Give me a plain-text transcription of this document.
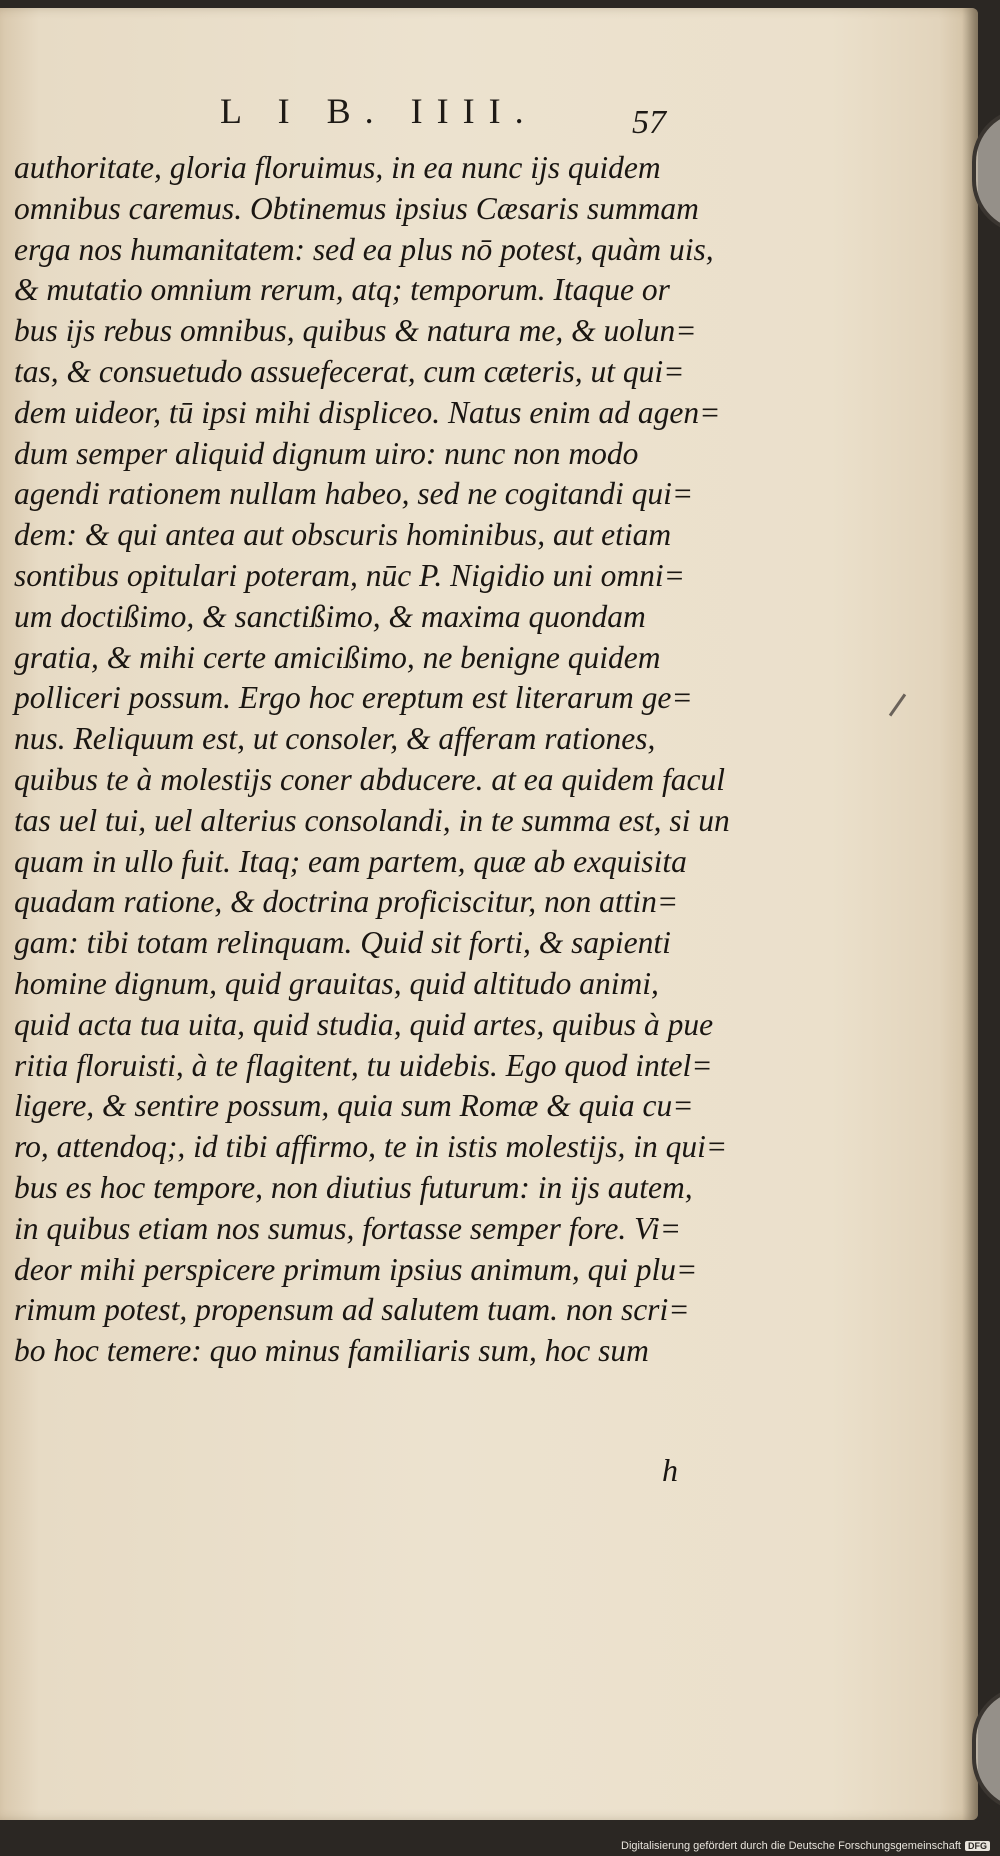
L I B. IIII.	57
authoritate, gloria floruimus, in ea nunc ijs quidem
omnibus caremus. Obtinemus ipsius Cæsaris summam
erga nos humanitatem: sed ea plus nō potest, quàm uis,
& mutatio omnium rerum, atq; temporum. Itaque or
bus ijs rebus omnibus, quibus & natura me, & uolun=
tas, & consuetudo assuefecerat, cum cæteris, ut qui=
dem uideor, tū ipsi mihi displiceo. Natus enim ad agen=
dum semper aliquid dignum uiro: nunc non modo
agendi rationem nullam habeo, sed ne cogitandi qui=
dem: & qui antea aut obscuris hominibus, aut etiam
sontibus opitulari poteram, nūc P. Nigidio uni omni=
um doctißimo, & sanctißimo, & maxima quondam
gratia, & mihi certe amicißimo, ne benigne quidem
polliceri possum. Ergo hoc ereptum est literarum ge=
nus. Reliquum est, ut consoler, & afferam rationes,
quibus te à molestijs coner abducere. at ea quidem facul
tas uel tui, uel alterius consolandi, in te summa est, si un
quam in ullo fuit. Itaq; eam partem, quæ ab exquisita
quadam ratione, & doctrina proficiscitur, non attin=
gam: tibi totam relinquam. Quid sit forti, & sapienti
homine dignum, quid grauitas, quid altitudo animi,
quid acta tua uita, quid studia, quid artes, quibus à pue
ritia floruisti, à te flagitent, tu uidebis. Ego quod intel=
ligere, & sentire possum, quia sum Romæ & quia cu=
ro, attendoq;, id tibi affirmo, te in istis molestijs, in qui=
bus es hoc tempore, non diutius futurum: in ijs autem,
in quibus etiam nos sumus, fortasse semper fore. Vi=
deor mihi perspicere primum ipsius animum, qui plu=
rimum potest, propensum ad salutem tuam. non scri=
bo hoc temere: quo minus familiaris sum, hoc sum
h
Digitalisierung gefördert durch die Deutsche Forschungsgemeinschaft DFG
